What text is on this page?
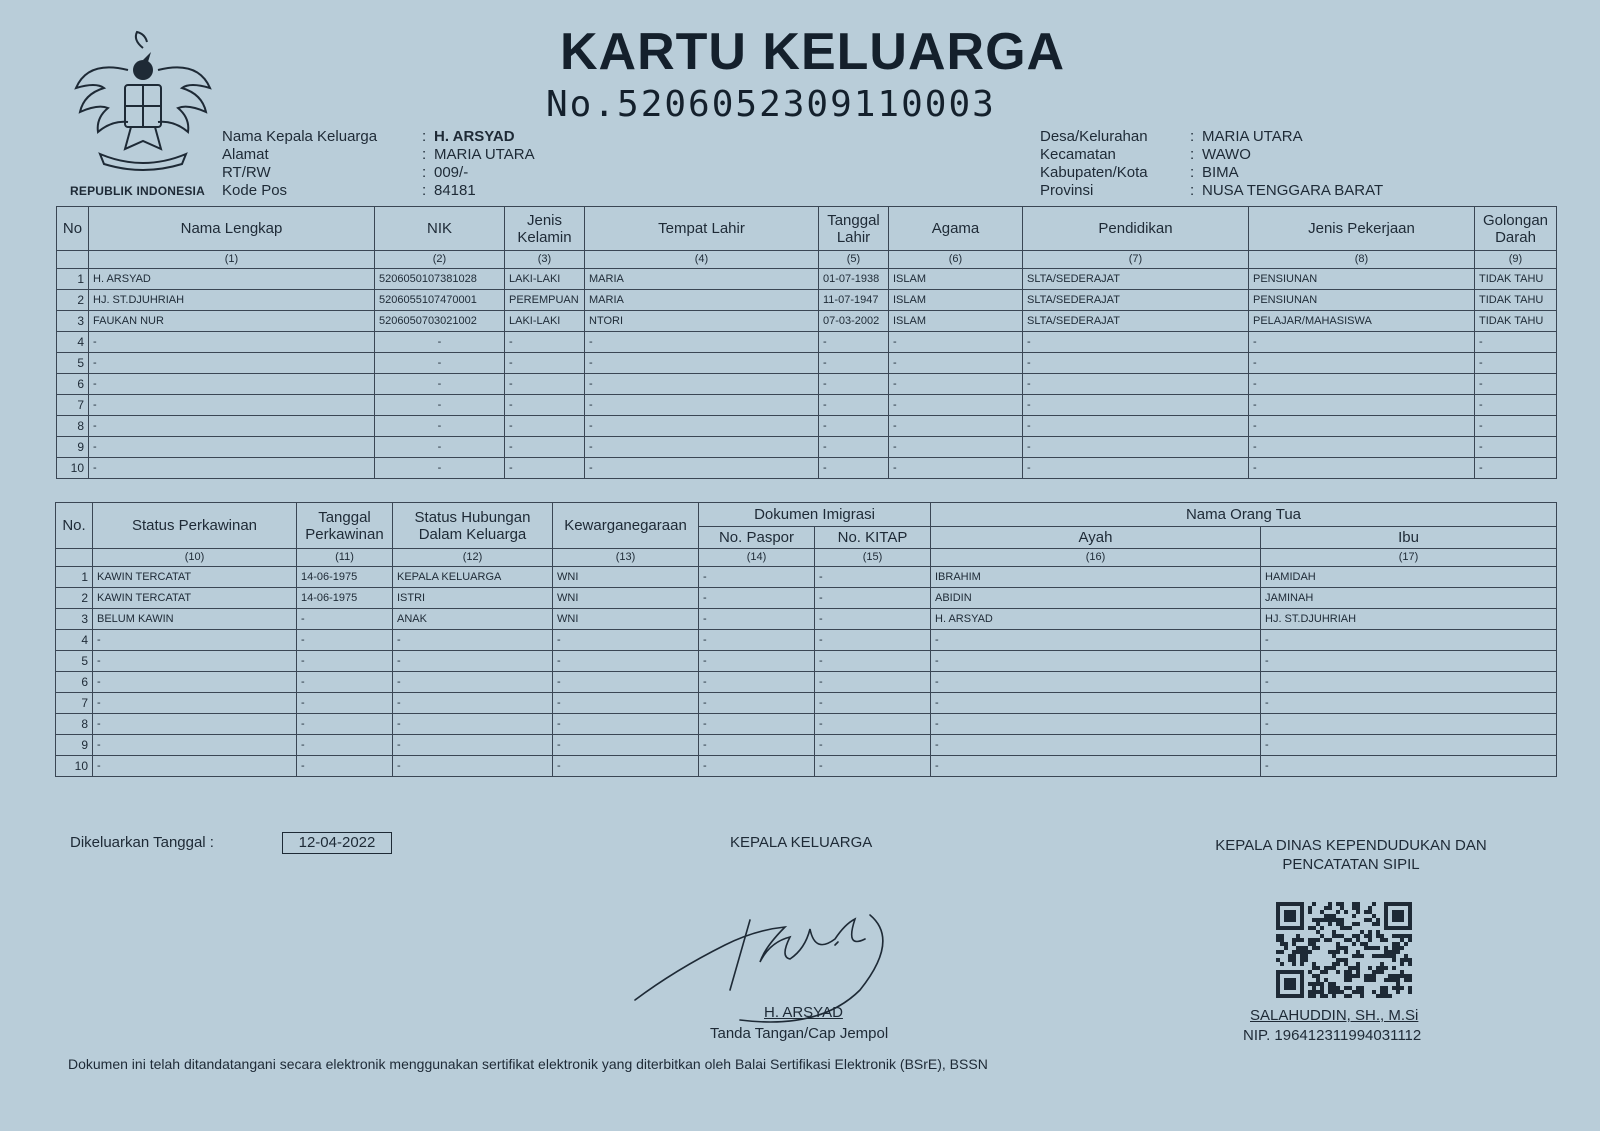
REPUBLIK INDONESIA
KARTU KELUARGA
No.5206052309110003
Nama Kepala Keluarga	: H. ARSYAD
Alamat	: MARIA UTARA
RT/RW	: 009/-
Kode Pos	: 84181
Desa/Kelurahan	: MARIA UTARA
Kecamatan	: WAWO
Kabupaten/Kota	: BIMA
Provinsi	: NUSA TENGGARA BARAT
No	Nama Lengkap	NIK	Jenis Kelamin	Tempat Lahir	Tanggal Lahir	Agama	Pendidikan	Jenis Pekerjaan	Golongan Darah
	(1)	(2)	(3)	(4)	(5)	(6)	(7)	(8)	(9)
1	H. ARSYAD	5206050107381028	LAKI-LAKI	MARIA	01-07-1938	ISLAM	SLTA/SEDERAJAT	PENSIUNAN	TIDAK TAHU
2	HJ. ST.DJUHRIAH	5206055107470001	PEREMPUAN	MARIA	11-07-1947	ISLAM	SLTA/SEDERAJAT	PENSIUNAN	TIDAK TAHU
3	FAUKAN NUR	5206050703021002	LAKI-LAKI	NTORI	07-03-2002	ISLAM	SLTA/SEDERAJAT	PELAJAR/MAHASISWA	TIDAK TAHU
4	-	-	-	-	-	-	-	-	-
5	-	-	-	-	-	-	-	-	-
6	-	-	-	-	-	-	-	-	-
7	-	-	-	-	-	-	-	-	-
8	-	-	-	-	-	-	-	-	-
9	-	-	-	-	-	-	-	-	-
10	-	-	-	-	-	-	-	-	-
No.	Status Perkawinan	Tanggal Perkawinan	Status Hubungan Dalam Keluarga	Kewarganegaraan	Dokumen Imigrasi		Nama Orang Tua	
					No. Paspor	No. KITAP	Ayah	Ibu
	(10)	(11)	(12)	(13)	(14)	(15)	(16)	(17)
1	KAWIN TERCATAT	14-06-1975	KEPALA KELUARGA	WNI	-	-	IBRAHIM	HAMIDAH
2	KAWIN TERCATAT	14-06-1975	ISTRI	WNI	-	-	ABIDIN	JAMINAH
3	BELUM KAWIN	-	ANAK	WNI	-	-	H. ARSYAD	HJ. ST.DJUHRIAH
4	-	-	-	-	-	-	-	-
5	-	-	-	-	-	-	-	-
6	-	-	-	-	-	-	-	-
7	-	-	-	-	-	-	-	-
8	-	-	-	-	-	-	-	-
9	-	-	-	-	-	-	-	-
10	-	-	-	-	-	-	-	-
Dikeluarkan Tanggal :	12-04-2022	KEPALA KELUARGA	KEPALA DINAS KEPENDUDUKAN DAN PENCATATAN SIPIL
H. ARSYAD
Tanda Tangan/Cap Jempol
SALAHUDDIN, SH., M.Si
NIP. 196412311994031112
Dokumen ini telah ditandatangani secara elektronik menggunakan sertifikat elektronik yang diterbitkan oleh Balai Sertifikasi Elektronik (BSrE), BSSN
